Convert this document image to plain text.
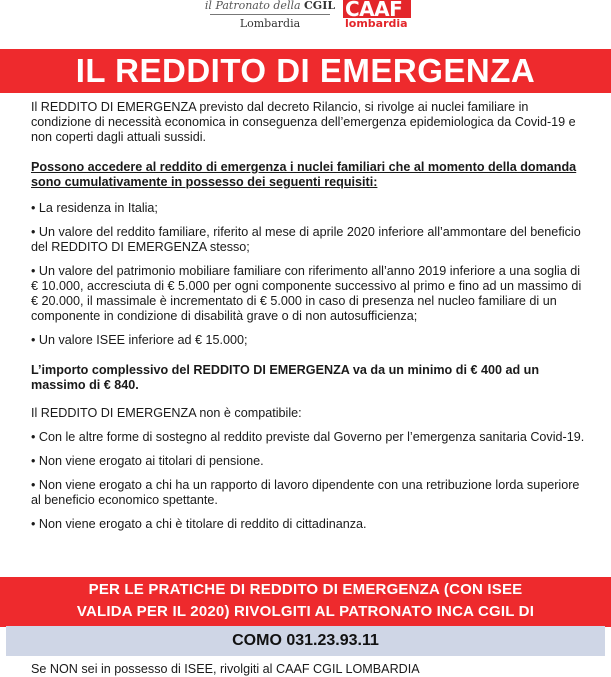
il Patronato della CGIL
Lombardia
CAAF
lombardia
IL REDDITO DI EMERGENZA

Il REDDITO DI EMERGENZA previsto dal decreto Rilancio, si rivolge ai nuclei familiare in condizione di necessità economica in conseguenza dell’emergenza epidemiologica da Covid-19 e non coperti dagli attuali sussidi.

Possono accedere al reddito di emergenza i nuclei familiari che al momento della domanda sono cumulativamente in possesso dei seguenti requisiti:

• La residenza in Italia;

• Un valore del reddito familiare, riferito al mese di aprile 2020 inferiore all’ammontare del beneficio del REDDITO DI EMERGENZA stesso;

• Un valore del patrimonio mobiliare familiare con riferimento all’anno 2019 inferiore a una soglia di € 10.000, accresciuta di € 5.000 per ogni componente successivo al primo e fino ad un massimo di € 20.000, il massimale è incrementato di € 5.000 in caso di presenza nel nucleo familiare di un componente in condizione di disabilità grave o di non autosufficienza;

• Un valore ISEE inferiore ad € 15.000;

L’importo complessivo del REDDITO DI EMERGENZA va da un minimo di € 400 ad un massimo di € 840.

Il REDDITO DI EMERGENZA non è compatibile:

• Con le altre forme di sostegno al reddito previste dal Governo per l’emergenza sanitaria Covid-19.

• Non viene erogato ai titolari di pensione.

• Non viene erogato a chi ha un rapporto di lavoro dipendente con una retribuzione lorda superiore al beneficio economico spettante.

• Non viene erogato a chi è titolare di reddito di cittadinanza.

PER LE PRATICHE DI REDDITO DI EMERGENZA (CON ISEE
VALIDA PER IL 2020) RIVOLGITI AL PATRONATO INCA CGIL DI
COMO 031.23.93.11
Se NON sei in possesso di ISEE, rivolgiti al CAAF CGIL LOMBARDIA
